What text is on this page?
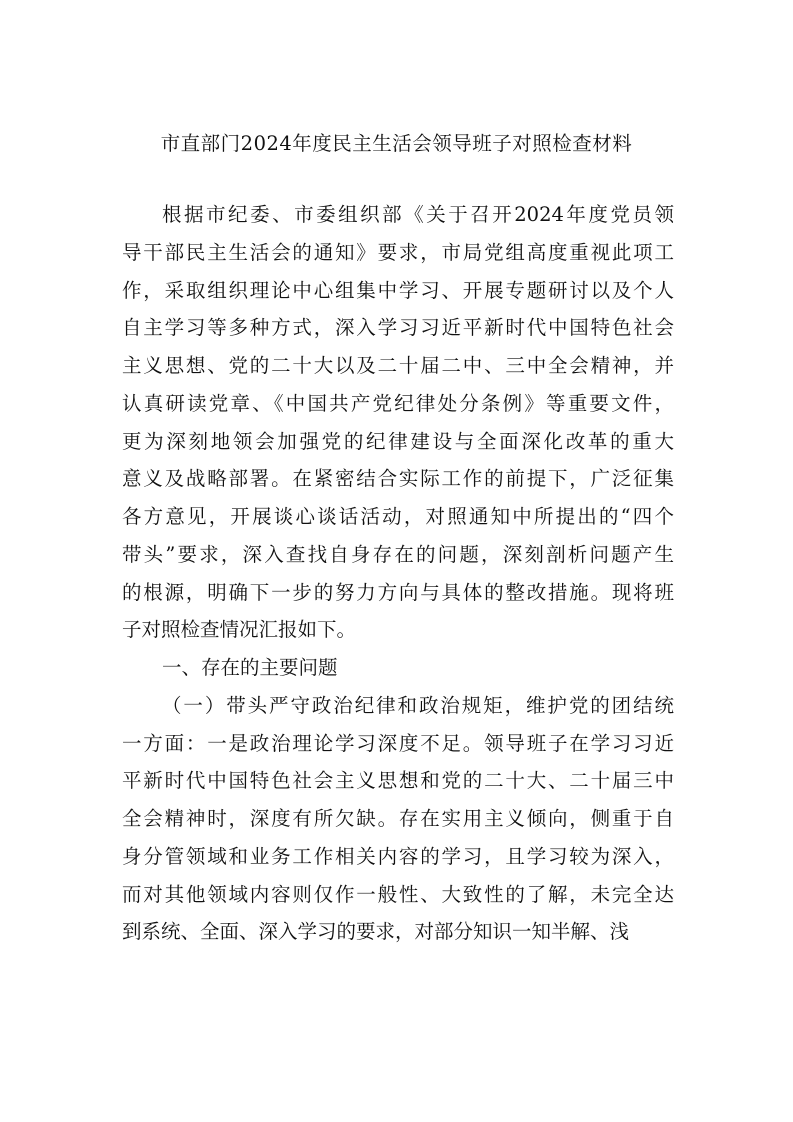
市直部门2024年度民主生活会领导班子对照检查材料
根据市纪委、市委组织部《关于召开2024年度党员领
导干部民主生活会的通知》要求，市局党组高度重视此项工
作，采取组织理论中心组集中学习、开展专题研讨以及个人
自主学习等多种方式，深入学习习近平新时代中国特色社会
主义思想、党的二十大以及二十届二中、三中全会精神，并
认真研读党章、《中国共产党纪律处分条例》等重要文件，
更为深刻地领会加强党的纪律建设与全面深化改革的重大
意义及战略部署。在紧密结合实际工作的前提下，广泛征集
各方意见，开展谈心谈话活动，对照通知中所提出的“四个
带头”要求，深入查找自身存在的问题，深刻剖析问题产生
的根源，明确下一步的努力方向与具体的整改措施。现将班
子对照检查情况汇报如下。
一、存在的主要问题
（一）带头严守政治纪律和政治规矩，维护党的团结统
一方面：一是政治理论学习深度不足。领导班子在学习习近
平新时代中国特色社会主义思想和党的二十大、二十届三中
全会精神时，深度有所欠缺。存在实用主义倾向，侧重于自
身分管领域和业务工作相关内容的学习，且学习较为深入，
而对其他领域内容则仅作一般性、大致性的了解，未完全达
到系统、全面、深入学习的要求，对部分知识一知半解、浅
